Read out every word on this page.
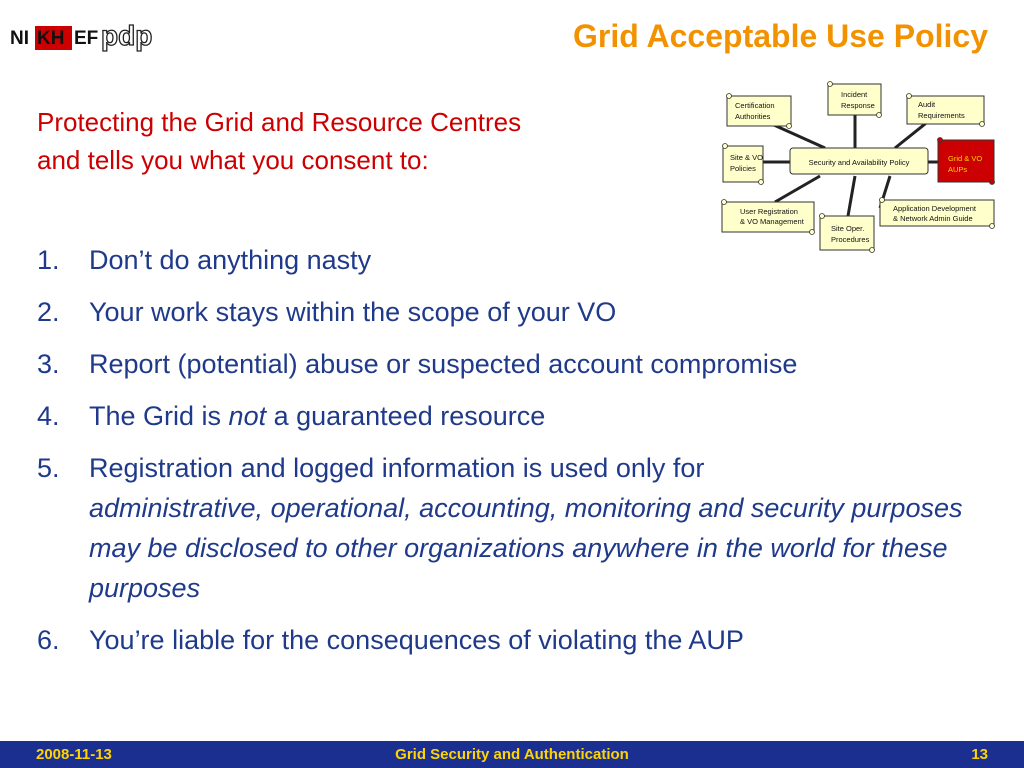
NI KH EF pdp	Grid Acceptable Use Policy
Protecting the Grid and Resource Centres
and tells you what you consent to:	Security and Availability Policy
Incident
Response
Certification
Authorities
Audit
Requirements
Site & VO
Policies
Grid & VO
AUPs
User Registration
& VO Management
Application Development
& Network Admin Guide
Site Oper.
Procedures
1.	Don’t do anything nasty
2.	Your work stays within the scope of your VO
3.	Report (potential) abuse or suspected account compromise
4.	The Grid is not a guaranteed resource
5.	Registration and logged information is used only for
administrative, operational, accounting, monitoring and security purposes
may be disclosed to other organizations anywhere in the world for these purposes
6.	You’re liable for the consequences of violating the AUP
2008-11-13	Grid Security and Authentication	13
